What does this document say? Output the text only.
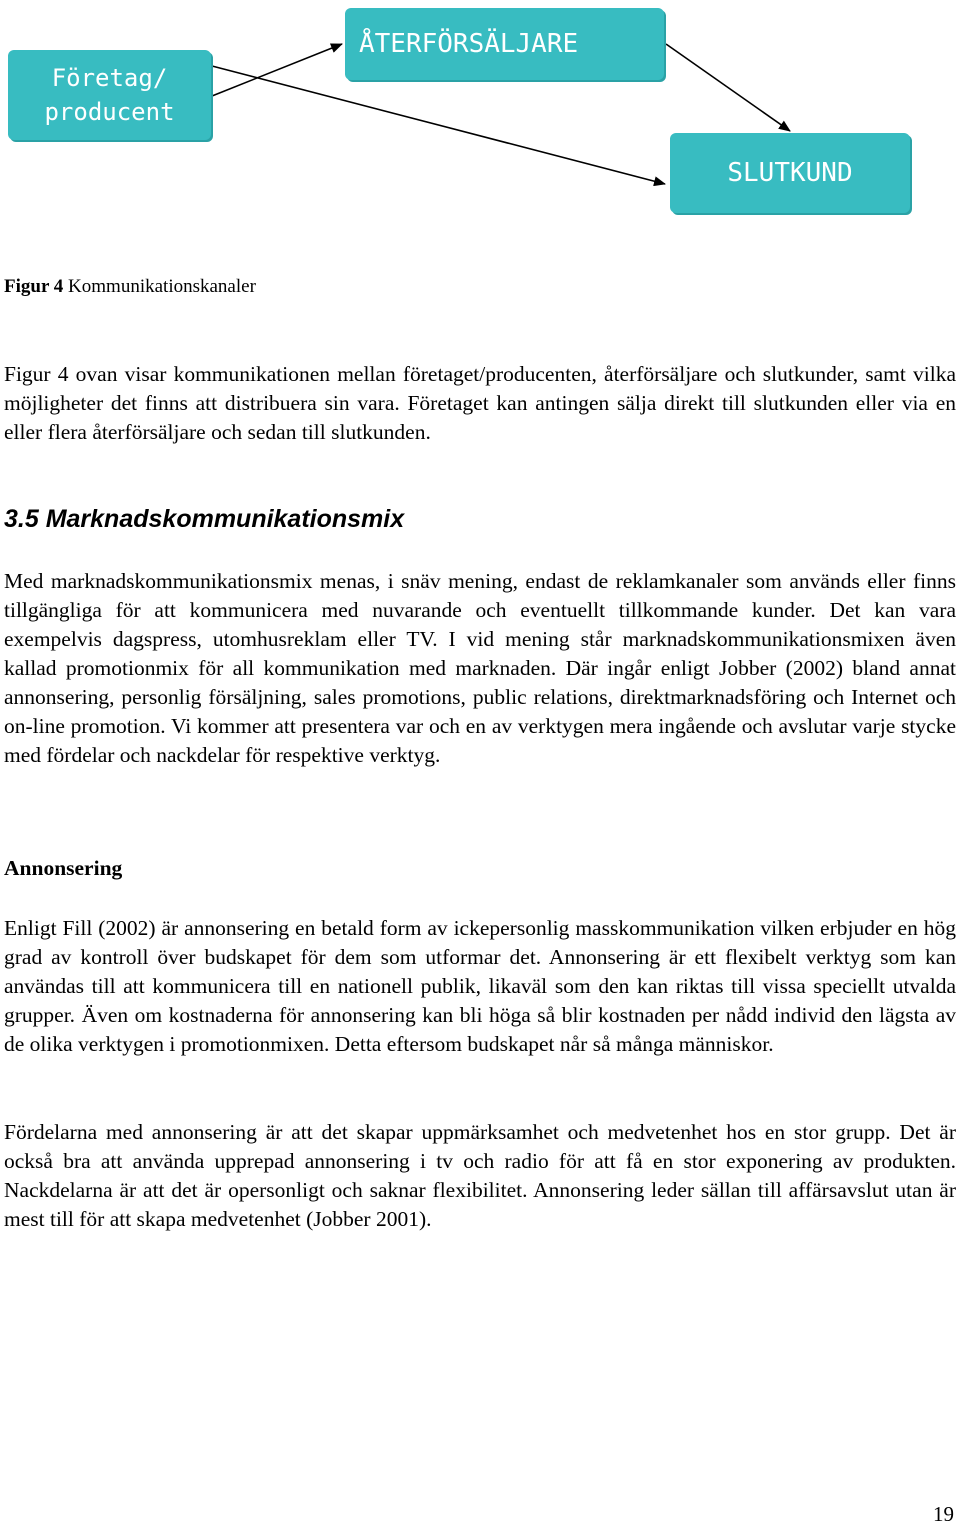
Företag/
producent
ÅTERFÖRSÄLJARE
SLUTKUND
Figur 4 Kommunikationskanaler

Figur 4 ovan visar kommunikationen mellan företaget/producenten, återförsäljare och slutkunder, samt vilka möjligheter det finns att distribuera sin vara. Företaget kan antingen sälja direkt till slutkunden eller via en eller flera återförsäljare och sedan till slutkunden.

3.5 Marknadskommunikationsmix

Med marknadskommunikationsmix menas, i snäv mening, endast de reklamkanaler som används eller finns tillgängliga för att kommunicera med nuvarande och eventuellt tillkommande kunder. Det kan vara exempelvis dagspress, utomhusreklam eller TV. I vid mening står marknadskommunikationsmixen även kallad promotionmix för all kommunikation med marknaden. Där ingår enligt Jobber (2002) bland annat annonsering, personlig försäljning, sales promotions, public relations, direktmarknadsföring och Internet och on-line promotion. Vi kommer att presentera var och en av verktygen mera ingående och avslutar varje stycke med fördelar och nackdelar för respektive verktyg.

Annonsering

Enligt Fill (2002) är annonsering en betald form av ickepersonlig masskommunikation vilken erbjuder en hög grad av kontroll över budskapet för dem som utformar det. Annonsering är ett flexibelt verktyg som kan användas till att kommunicera till en nationell publik, likaväl som den kan riktas till vissa speciellt utvalda grupper. Även om kostnaderna för annonsering kan bli höga så blir kostnaden per nådd individ den lägsta av de olika verktygen i promotionmixen. Detta eftersom budskapet når så många människor.

Fördelarna med annonsering är att det skapar uppmärksamhet och medvetenhet hos en stor grupp. Det är också bra att använda upprepad annonsering i tv och radio för att få en stor exponering av produkten. Nackdelarna är att det är opersonligt och saknar flexibilitet. Annonsering leder sällan till affärsavslut utan är mest till för att skapa medvetenhet (Jobber 2001).

19
